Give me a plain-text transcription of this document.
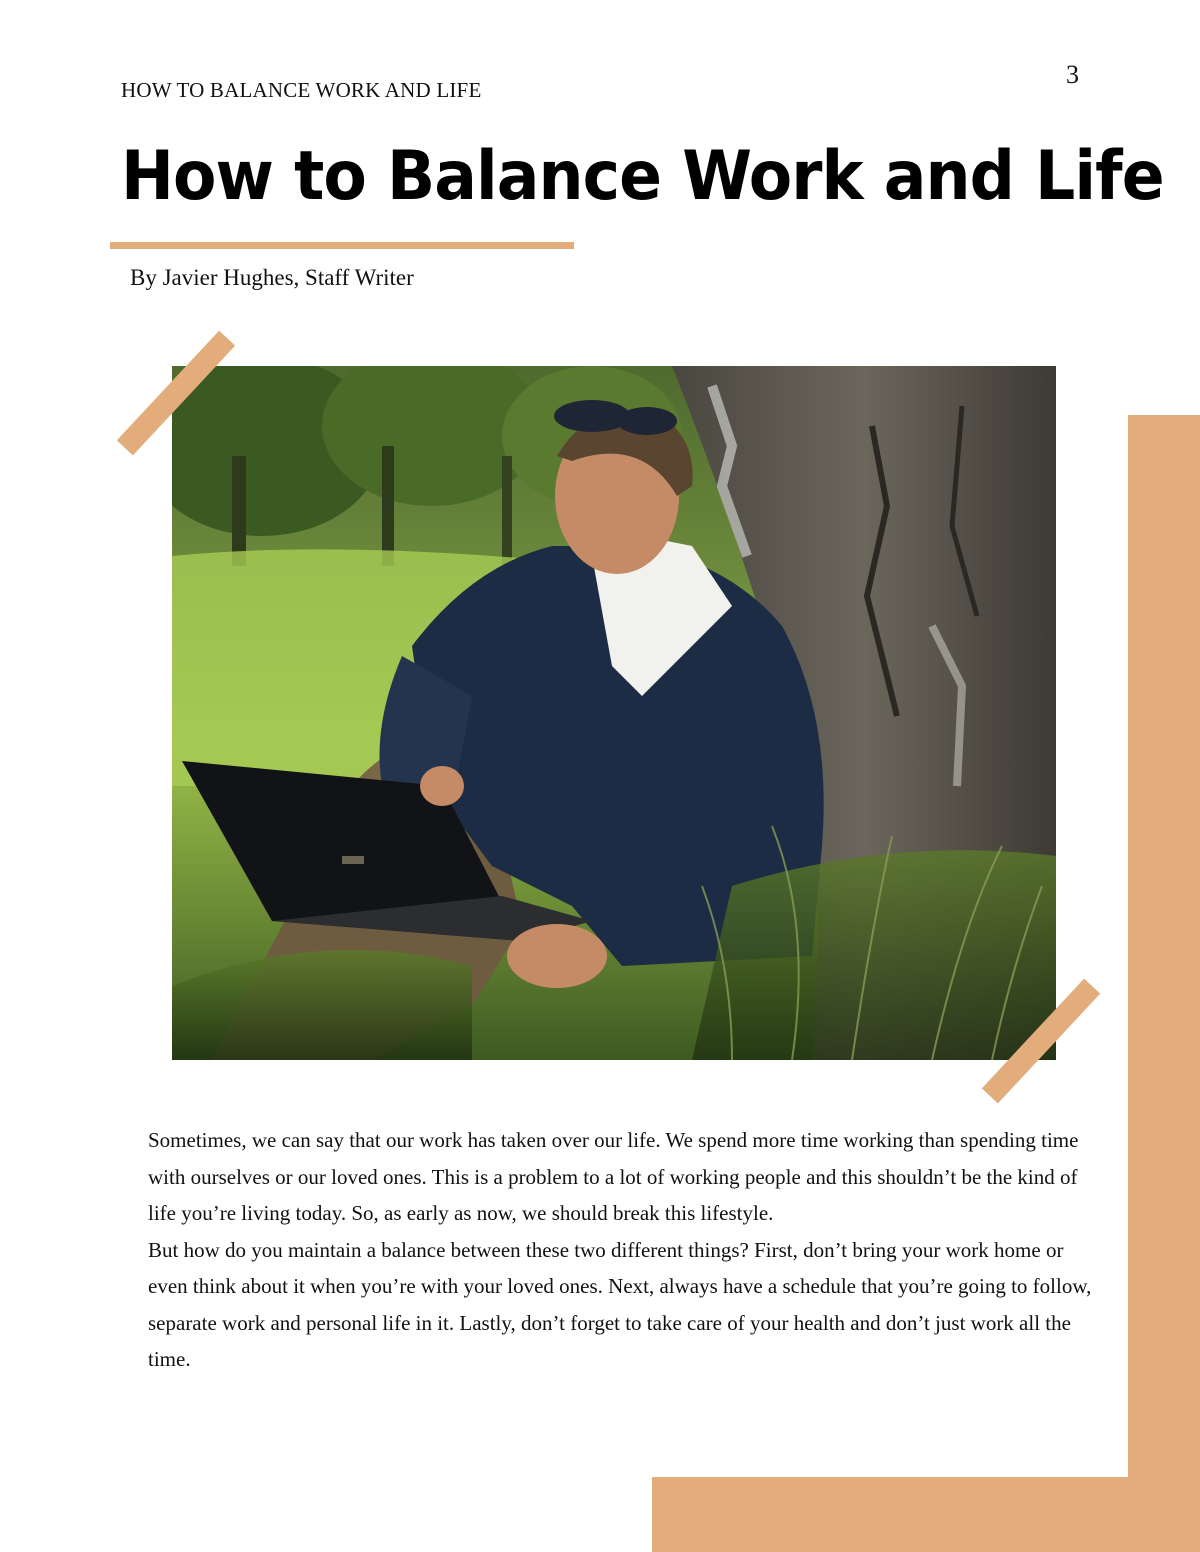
HOW TO BALANCE WORK AND LIFE
3
How to Balance Work and Life
By Javier Hughes, Staff Writer

Sometimes, we can say that our work has taken over our life. We spend more time working than spending time with ourselves or our loved ones. This is a problem to a lot of working people and this shouldn’t be the kind of life you’re living today. So, as early as now, we should break this lifestyle.

But how do you maintain a balance between these two different things? First, don’t bring your work home or even think about it when you’re with your loved ones. Next, always have a schedule that you’re going to follow, separate work and personal life in it. Lastly, don’t forget to take care of your health and don’t just work all the time.
